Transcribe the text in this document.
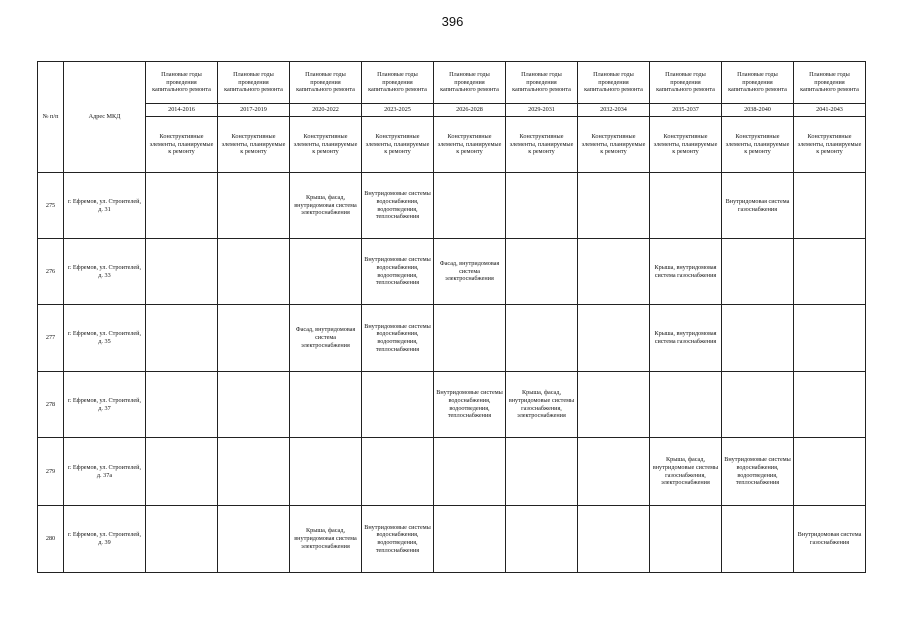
396
№ п/п	Адрес МКД	Плановые годы проведения капитального ремонта	Плановые годы проведения капитального ремонта	Плановые годы проведения капитального ремонта	Плановые годы проведения капитального ремонта	Плановые годы проведения капитального ремонта	Плановые годы проведения капитального ремонта	Плановые годы проведения капитального ремонта	Плановые годы проведения капитального ремонта	Плановые годы проведения капитального ремонта	Плановые годы проведения капитального ремонта
		2014-2016	2017-2019	2020-2022	2023-2025	2026-2028	2029-2031	2032-2034	2035-2037	2038-2040	2041-2043
		Конструктивные элементы, планируемые к ремонту	Конструктивные элементы, планируемые к ремонту	Конструктивные элементы, планируемые к ремонту	Конструктивные элементы, планируемые к ремонту	Конструктивные элементы, планируемые к ремонту	Конструктивные элементы, планируемые к ремонту	Конструктивные элементы, планируемые к ремонту	Конструктивные элементы, планируемые к ремонту	Конструктивные элементы, планируемые к ремонту	Конструктивные элементы, планируемые к ремонту
275	г. Ефремов, ул. Строителей, д. 31			Крыша, фасад, внутридомовая система электроснабжения	Внутридомовые системы водоснабжения, водоотведения, теплоснабжения					Внутридомовая система газоснабжения	
276	г. Ефремов, ул. Строителей, д. 33				Внутридомовые системы водоснабжения, водоотведения, теплоснабжения	Фасад, внутридомовая система электроснабжения			Крыша, внутридомовая система газоснабжения		
277	г. Ефремов, ул. Строителей, д. 35			Фасад, внутридомовая система электроснабжения	Внутридомовые системы водоснабжения, водоотведения, теплоснабжения				Крыша, внутридомовая система газоснабжения		
278	г. Ефремов, ул. Строителей, д. 37					Внутридомовые системы водоснабжения, водоотведения, теплоснабжения	Крыша, фасад, внутридомовые системы газоснабжения, электроснабжения				
279	г. Ефремов, ул. Строителей, д. 37а								Крыша, фасад, внутридомовые системы газоснабжения, электроснабжения	Внутридомовые системы водоснабжения, водоотведения, теплоснабжения	
280	г. Ефремов, ул. Строителей, д. 39			Крыша, фасад, внутридомовая система электроснабжения	Внутридомовые системы водоснабжения, водоотведения, теплоснабжения						Внутридомовая система газоснабжения
